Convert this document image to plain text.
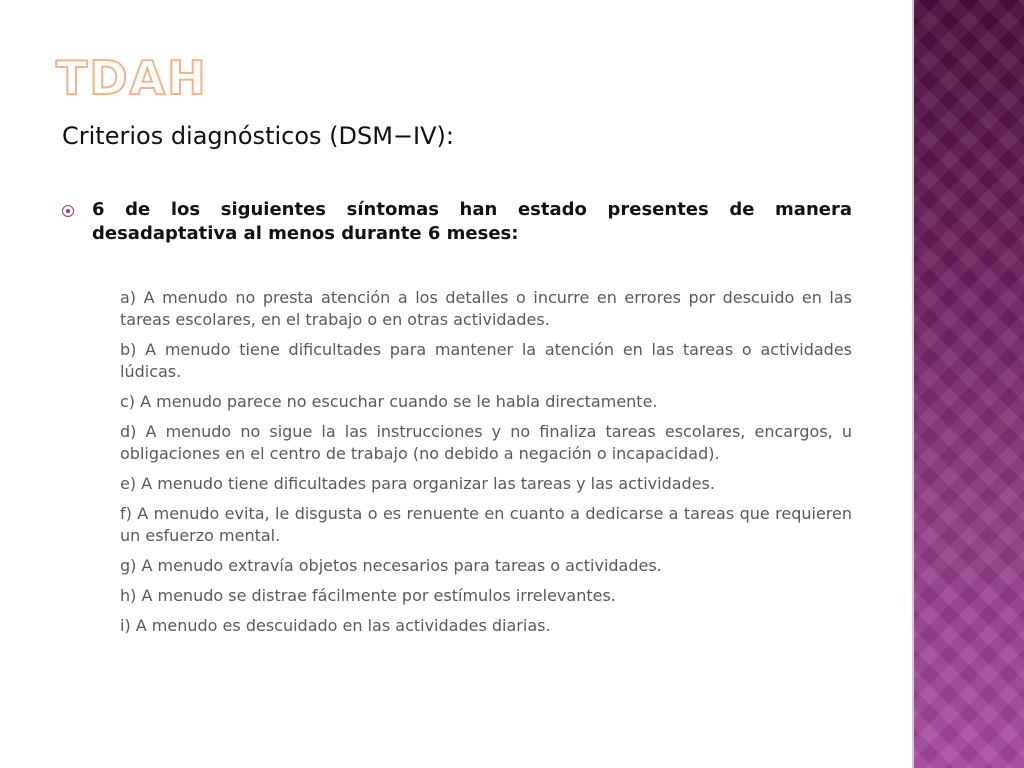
TDAH
Criterios diagnósticos (DSM−IV):
6 de los siguientes síntomas han estado presentes de manera desadaptativa al menos durante 6 meses:
a) A menudo no presta atención a los detalles o incurre en errores por descuido en las tareas escolares, en el trabajo o en otras actividades.
b) A menudo tiene dificultades para mantener la atención en las tareas o actividades lúdicas.
c) A menudo parece no escuchar cuando se le habla directamente.
d) A menudo no sigue la las instrucciones y no finaliza tareas escolares, encargos, u obligaciones en el centro de trabajo (no debido a negación o incapacidad).
e) A menudo tiene dificultades para organizar las tareas y las actividades.
f) A menudo evita, le disgusta o es renuente en cuanto a dedicarse a tareas que requieren un esfuerzo mental.
g) A menudo extravía objetos necesarios para tareas o actividades.
h) A menudo se distrae fácilmente por estímulos irrelevantes.
i) A menudo es descuidado en las actividades diarias.
